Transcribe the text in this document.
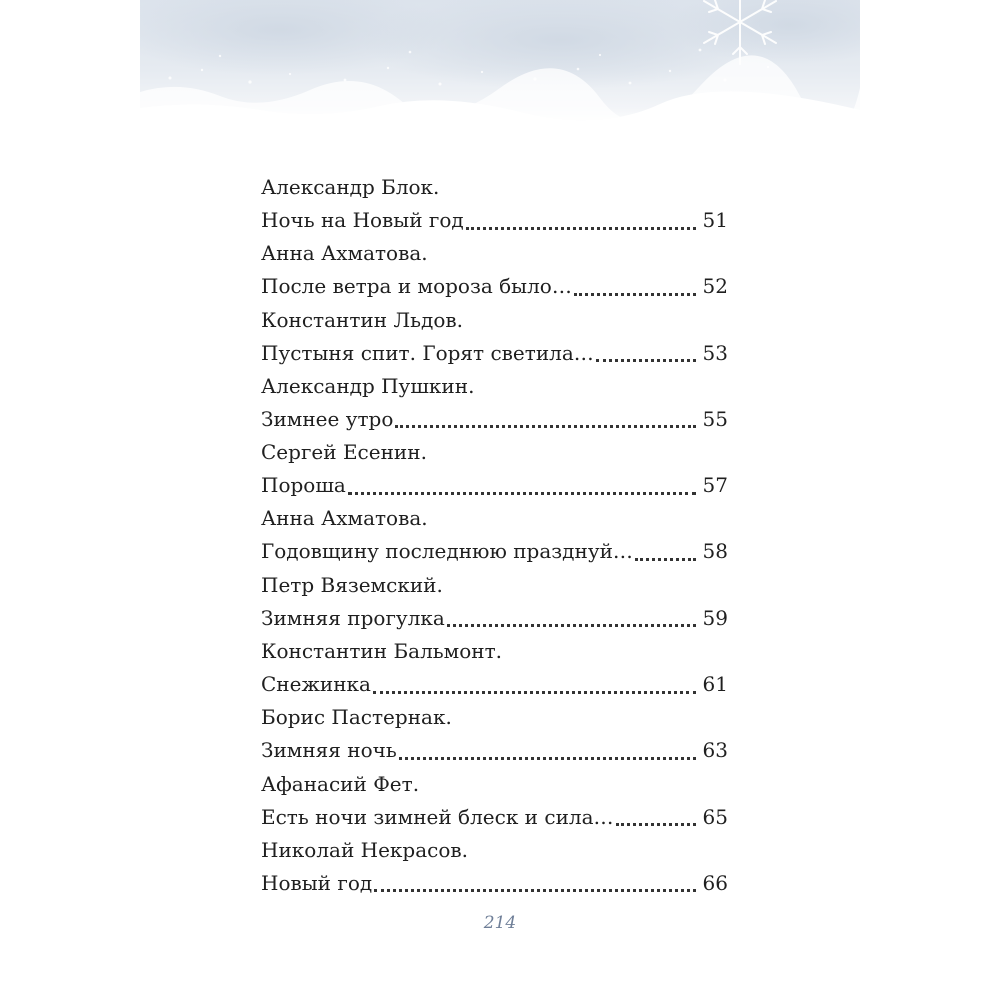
Александр Блок.
Ночь на Новый год	51
Анна Ахматова.
После ветра и мороза было…	52
Константин Льдов.
Пустыня спит. Горят светила…	53
Александр Пушкин.
Зимнее утро	55
Сергей Есенин.
Пороша	57
Анна Ахматова.
Годовщину последнюю празднуй…	58
Петр Вяземский.
Зимняя прогулка	59
Константин Бальмонт.
Снежинка	61
Борис Пастернак.
Зимняя ночь	63
Афанасий Фет.
Есть ночи зимней блеск и сила…	65
Николай Некрасов.
Новый год	66
214
